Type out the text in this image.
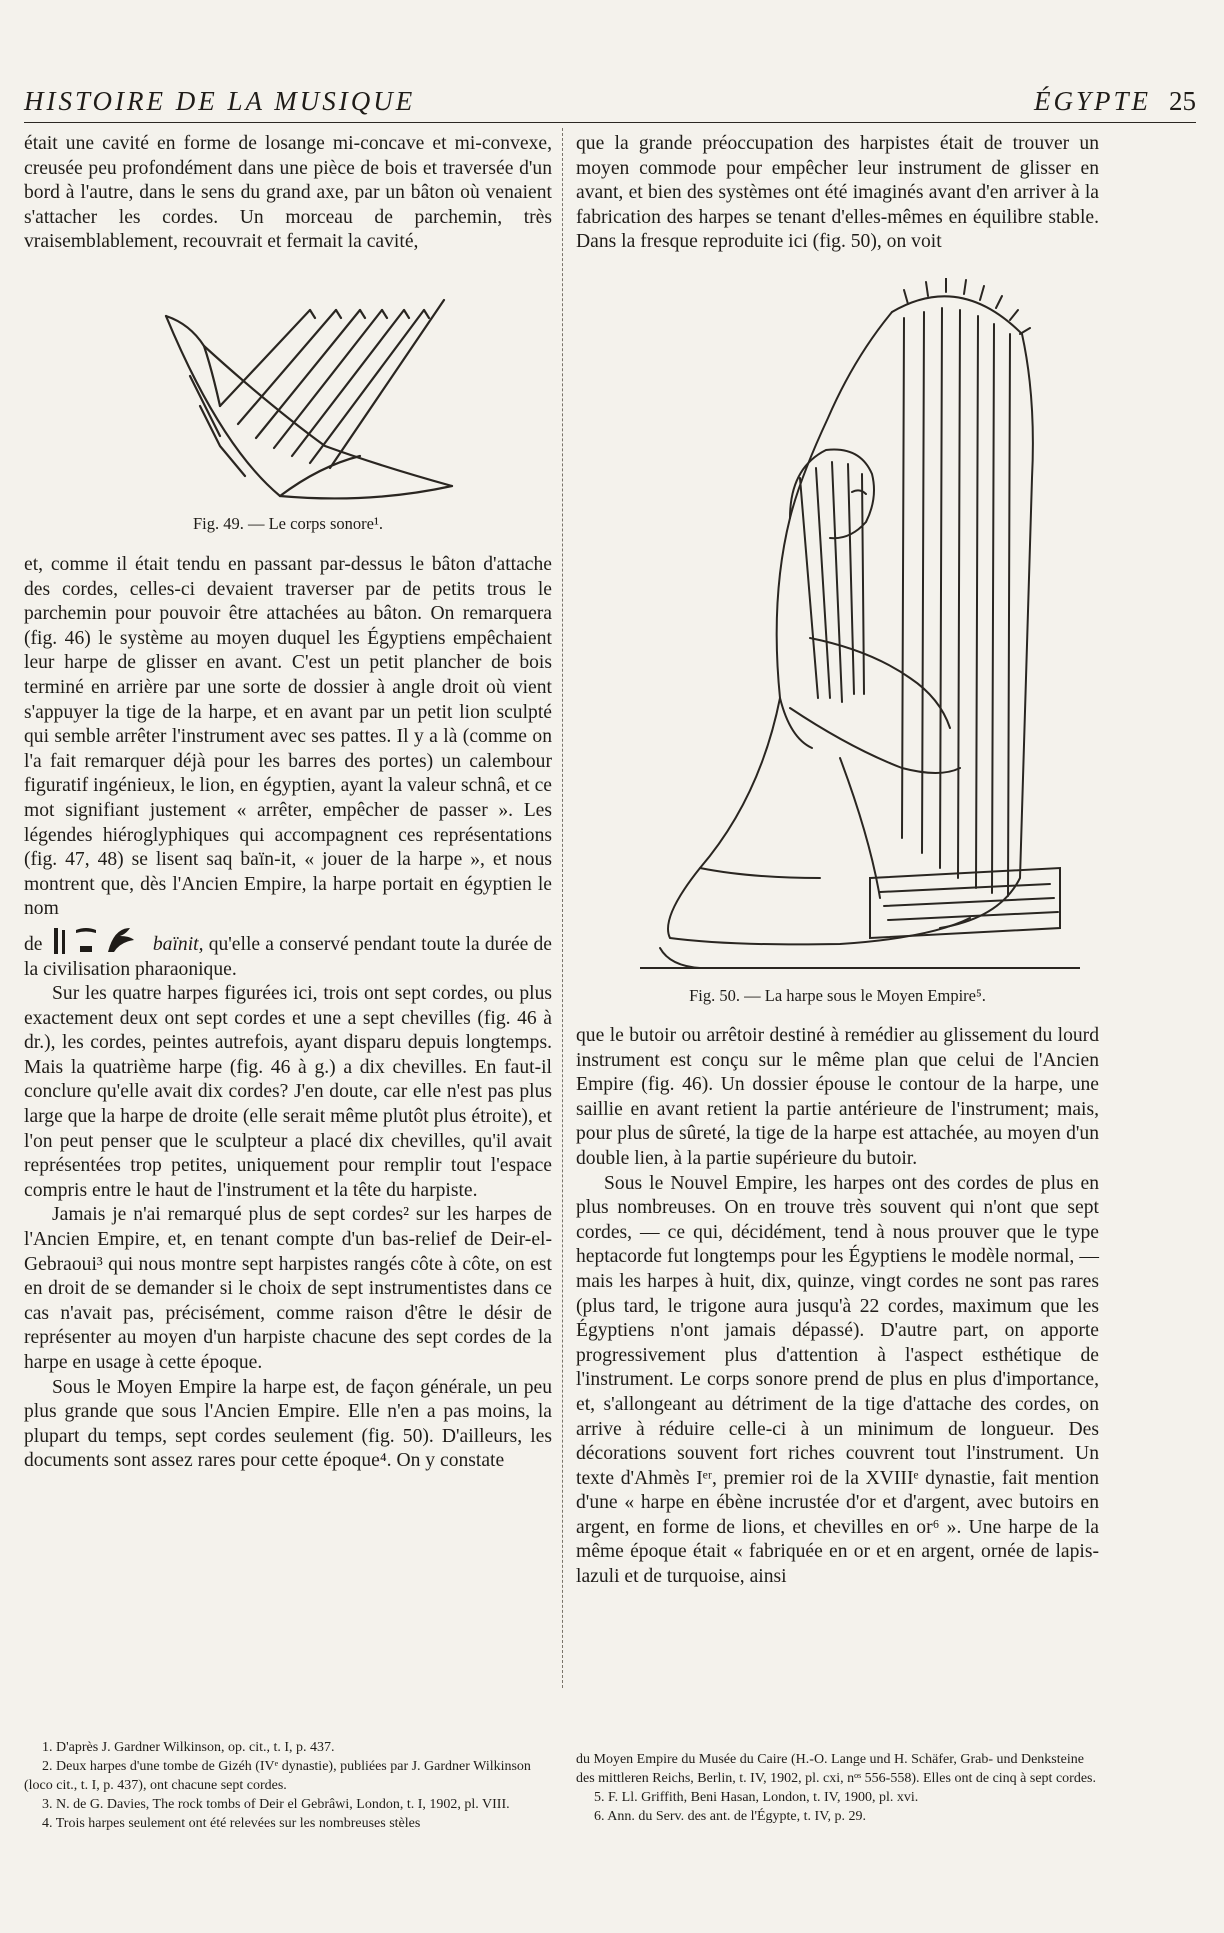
HISTOIRE DE LA MUSIQUE	ÉGYPTE 25

était une cavité en forme de losange mi-concave et mi-convexe, creusée peu profondément dans une pièce de bois et traversée d'un bord à l'autre, dans le sens du grand axe, par un bâton où venaient s'attacher les cordes. Un morceau de parchemin, très vraisemblablement, recouvrait et fermait la cavité,

Fig. 49. — Le corps sonore¹.

et, comme il était tendu en passant par-dessus le bâton d'attache des cordes, celles-ci devaient traverser par de petits trous le parchemin pour pouvoir être attachées au bâton. On remarquera (fig. 46) le système au moyen duquel les Égyptiens empêchaient leur harpe de glisser en avant. C'est un petit plancher de bois terminé en arrière par une sorte de dossier à angle droit où vient s'appuyer la tige de la harpe, et en avant par un petit lion sculpté qui semble arrêter l'instrument avec ses pattes. Il y a là (comme on l'a fait remarquer déjà pour les barres des portes) un calembour figuratif ingénieux, le lion, en égyptien, ayant la valeur schnâ, et ce mot signifiant justement « arrêter, empêcher de passer ». Les légendes hiéroglyphiques qui accompagnent ces représentations (fig. 47, 48) se lisent saq baïn-it, « jouer de la harpe », et nous montrent que, dès l'Ancien Empire, la harpe portait en égyptien le nom

de	baïnit, qu'elle a conservé pendant toute la durée de la civilisation pharaonique.

Sur les quatre harpes figurées ici, trois ont sept cordes, ou plus exactement deux ont sept cordes et une a sept chevilles (fig. 46 à dr.), les cordes, peintes autrefois, ayant disparu depuis longtemps. Mais la quatrième harpe (fig. 46 à g.) a dix chevilles. En faut-il conclure qu'elle avait dix cordes? J'en doute, car elle n'est pas plus large que la harpe de droite (elle serait même plutôt plus étroite), et l'on peut penser que le sculpteur a placé dix chevilles, qu'il avait représentées trop petites, uniquement pour remplir tout l'espace compris entre le haut de l'instrument et la tête du harpiste.

Jamais je n'ai remarqué plus de sept cordes² sur les harpes de l'Ancien Empire, et, en tenant compte d'un bas-relief de Deir-el-Gebraoui³ qui nous montre sept harpistes rangés côte à côte, on est en droit de se demander si le choix de sept instrumentistes dans ce cas n'avait pas, précisément, comme raison d'être le désir de représenter au moyen d'un harpiste chacune des sept cordes de la harpe en usage à cette époque.

Sous le Moyen Empire la harpe est, de façon générale, un peu plus grande que sous l'Ancien Empire. Elle n'en a pas moins, la plupart du temps, sept cordes seulement (fig. 50). D'ailleurs, les documents sont assez rares pour cette époque⁴. On y constate

que la grande préoccupation des harpistes était de trouver un moyen commode pour empêcher leur instrument de glisser en avant, et bien des systèmes ont été imaginés avant d'en arriver à la fabrication des harpes se tenant d'elles-mêmes en équilibre stable. Dans la fresque reproduite ici (fig. 50), on voit

Fig. 50. — La harpe sous le Moyen Empire⁵.

que le butoir ou arrêtoir destiné à remédier au glissement du lourd instrument est conçu sur le même plan que celui de l'Ancien Empire (fig. 46). Un dossier épouse le contour de la harpe, une saillie en avant retient la partie antérieure de l'instrument; mais, pour plus de sûreté, la tige de la harpe est attachée, au moyen d'un double lien, à la partie supérieure du butoir.

Sous le Nouvel Empire, les harpes ont des cordes de plus en plus nombreuses. On en trouve très souvent qui n'ont que sept cordes, — ce qui, décidément, tend à nous prouver que le type heptacorde fut longtemps pour les Égyptiens le modèle normal, — mais les harpes à huit, dix, quinze, vingt cordes ne sont pas rares (plus tard, le trigone aura jusqu'à 22 cordes, maximum que les Égyptiens n'ont jamais dépassé). D'autre part, on apporte progressivement plus d'attention à l'aspect esthétique de l'instrument. Le corps sonore prend de plus en plus d'importance, et, s'allongeant au détriment de la tige d'attache des cordes, on arrive à réduire celle-ci à un minimum de longueur. Des décorations souvent fort riches couvrent tout l'instrument. Un texte d'Ahmès Iᵉʳ, premier roi de la XVIIIᵉ dynastie, fait mention d'une « harpe en ébène incrustée d'or et d'argent, avec butoirs en argent, en forme de lions, et chevilles en or⁶ ». Une harpe de la même époque était « fabriquée en or et en argent, ornée de lapis-lazuli et de turquoise, ainsi

1. D'après J. Gardner Wilkinson, op. cit., t. I, p. 437.

2. Deux harpes d'une tombe de Gizéh (IVᵉ dynastie), publiées par J. Gardner Wilkinson (loco cit., t. I, p. 437), ont chacune sept cordes.

3. N. de G. Davies, The rock tombs of Deir el Gebrâwi, London, t. I, 1902, pl. VIII.

4. Trois harpes seulement ont été relevées sur les nombreuses stèles

du Moyen Empire du Musée du Caire (H.-O. Lange und H. Schäfer, Grab- und Denksteine des mittleren Reichs, Berlin, t. IV, 1902, pl. cxi, nᵒˢ 556-558). Elles ont de cinq à sept cordes.

5. F. Ll. Griffith, Beni Hasan, London, t. IV, 1900, pl. xvi.

6. Ann. du Serv. des ant. de l'Égypte, t. IV, p. 29.
